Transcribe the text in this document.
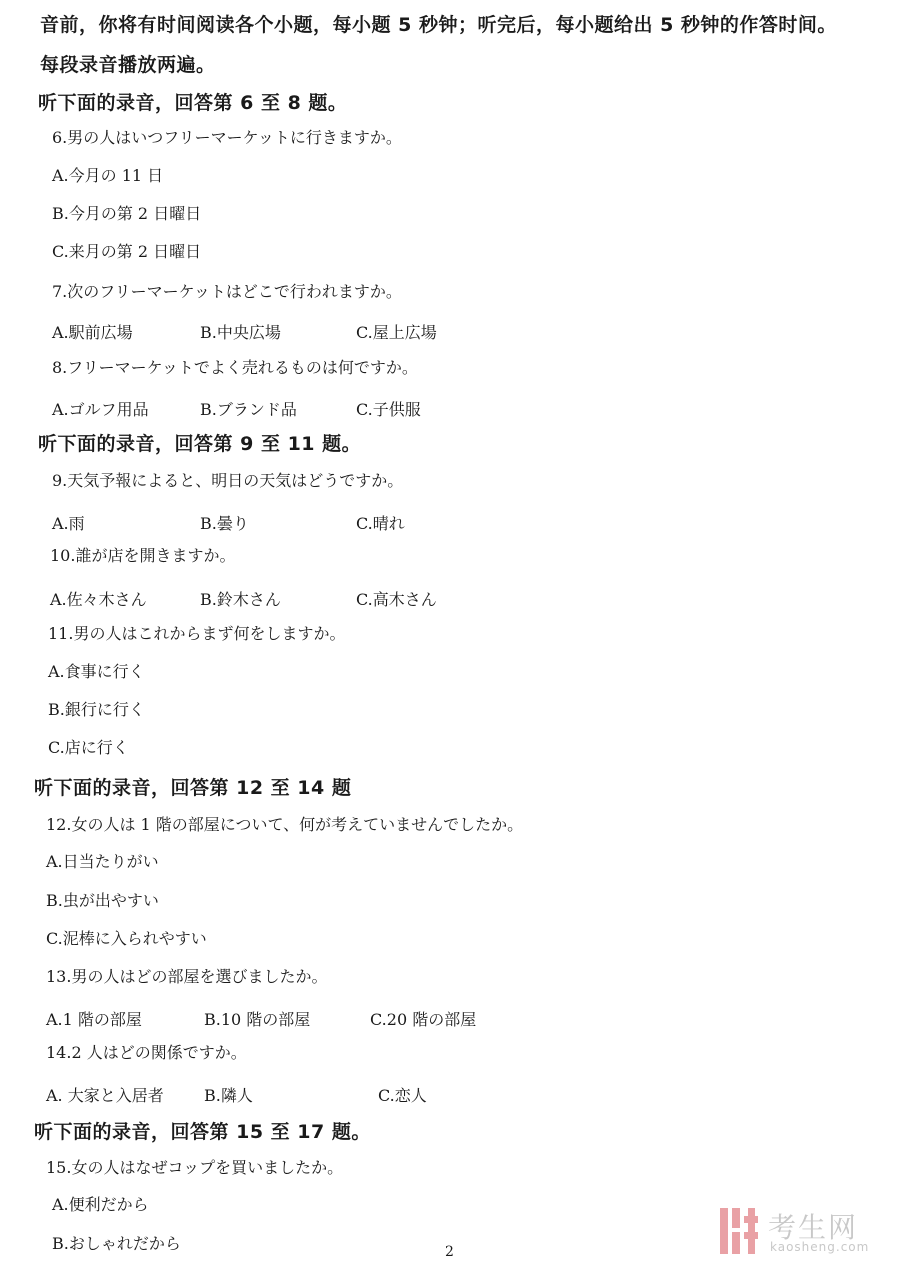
音前，你将有时间阅读各个小题，每小题 5 秒钟；听完后，每小题给出 5 秒钟的作答时间。
每段录音播放两遍。
听下面的录音，回答第 6 至 8 题。
6.男の人はいつフリーマーケットに行きますか。
A.今月の 11 日
B.今月の第 2 日曜日
C.来月の第 2 日曜日
7.次のフリーマーケットはどこで行われますか。
A.駅前広場	B.中央広場	C.屋上広場
8.フリーマーケットでよく売れるものは何ですか。
A.ゴルフ用品	B.ブランド品	C.子供服
听下面的录音，回答第 9 至 11 题。
9.天気予報によると、明日の天気はどうですか。
A.雨	B.曇り	C.晴れ
10.誰が店を開きますか。
A.佐々木さん	B.鈴木さん	C.高木さん
11.男の人はこれからまず何をしますか。
A.食事に行く
B.銀行に行く
C.店に行く
听下面的录音，回答第 12 至 14 题
12.女の人は 1 階の部屋について、何が考えていませんでしたか。
A.日当たりがい
B.虫が出やすい
C.泥棒に入られやすい
13.男の人はどの部屋を選びましたか。
A.1 階の部屋	B.10 階の部屋	C.20 階の部屋
14.2 人はどの関係ですか。
A. 大家と入居者	B.隣人	C.恋人
听下面的录音，回答第 15 至 17 题。
15.女の人はなぜコップを買いましたか。
A.便利だから
B.おしゃれだから	2
考生网
kaosheng.com
